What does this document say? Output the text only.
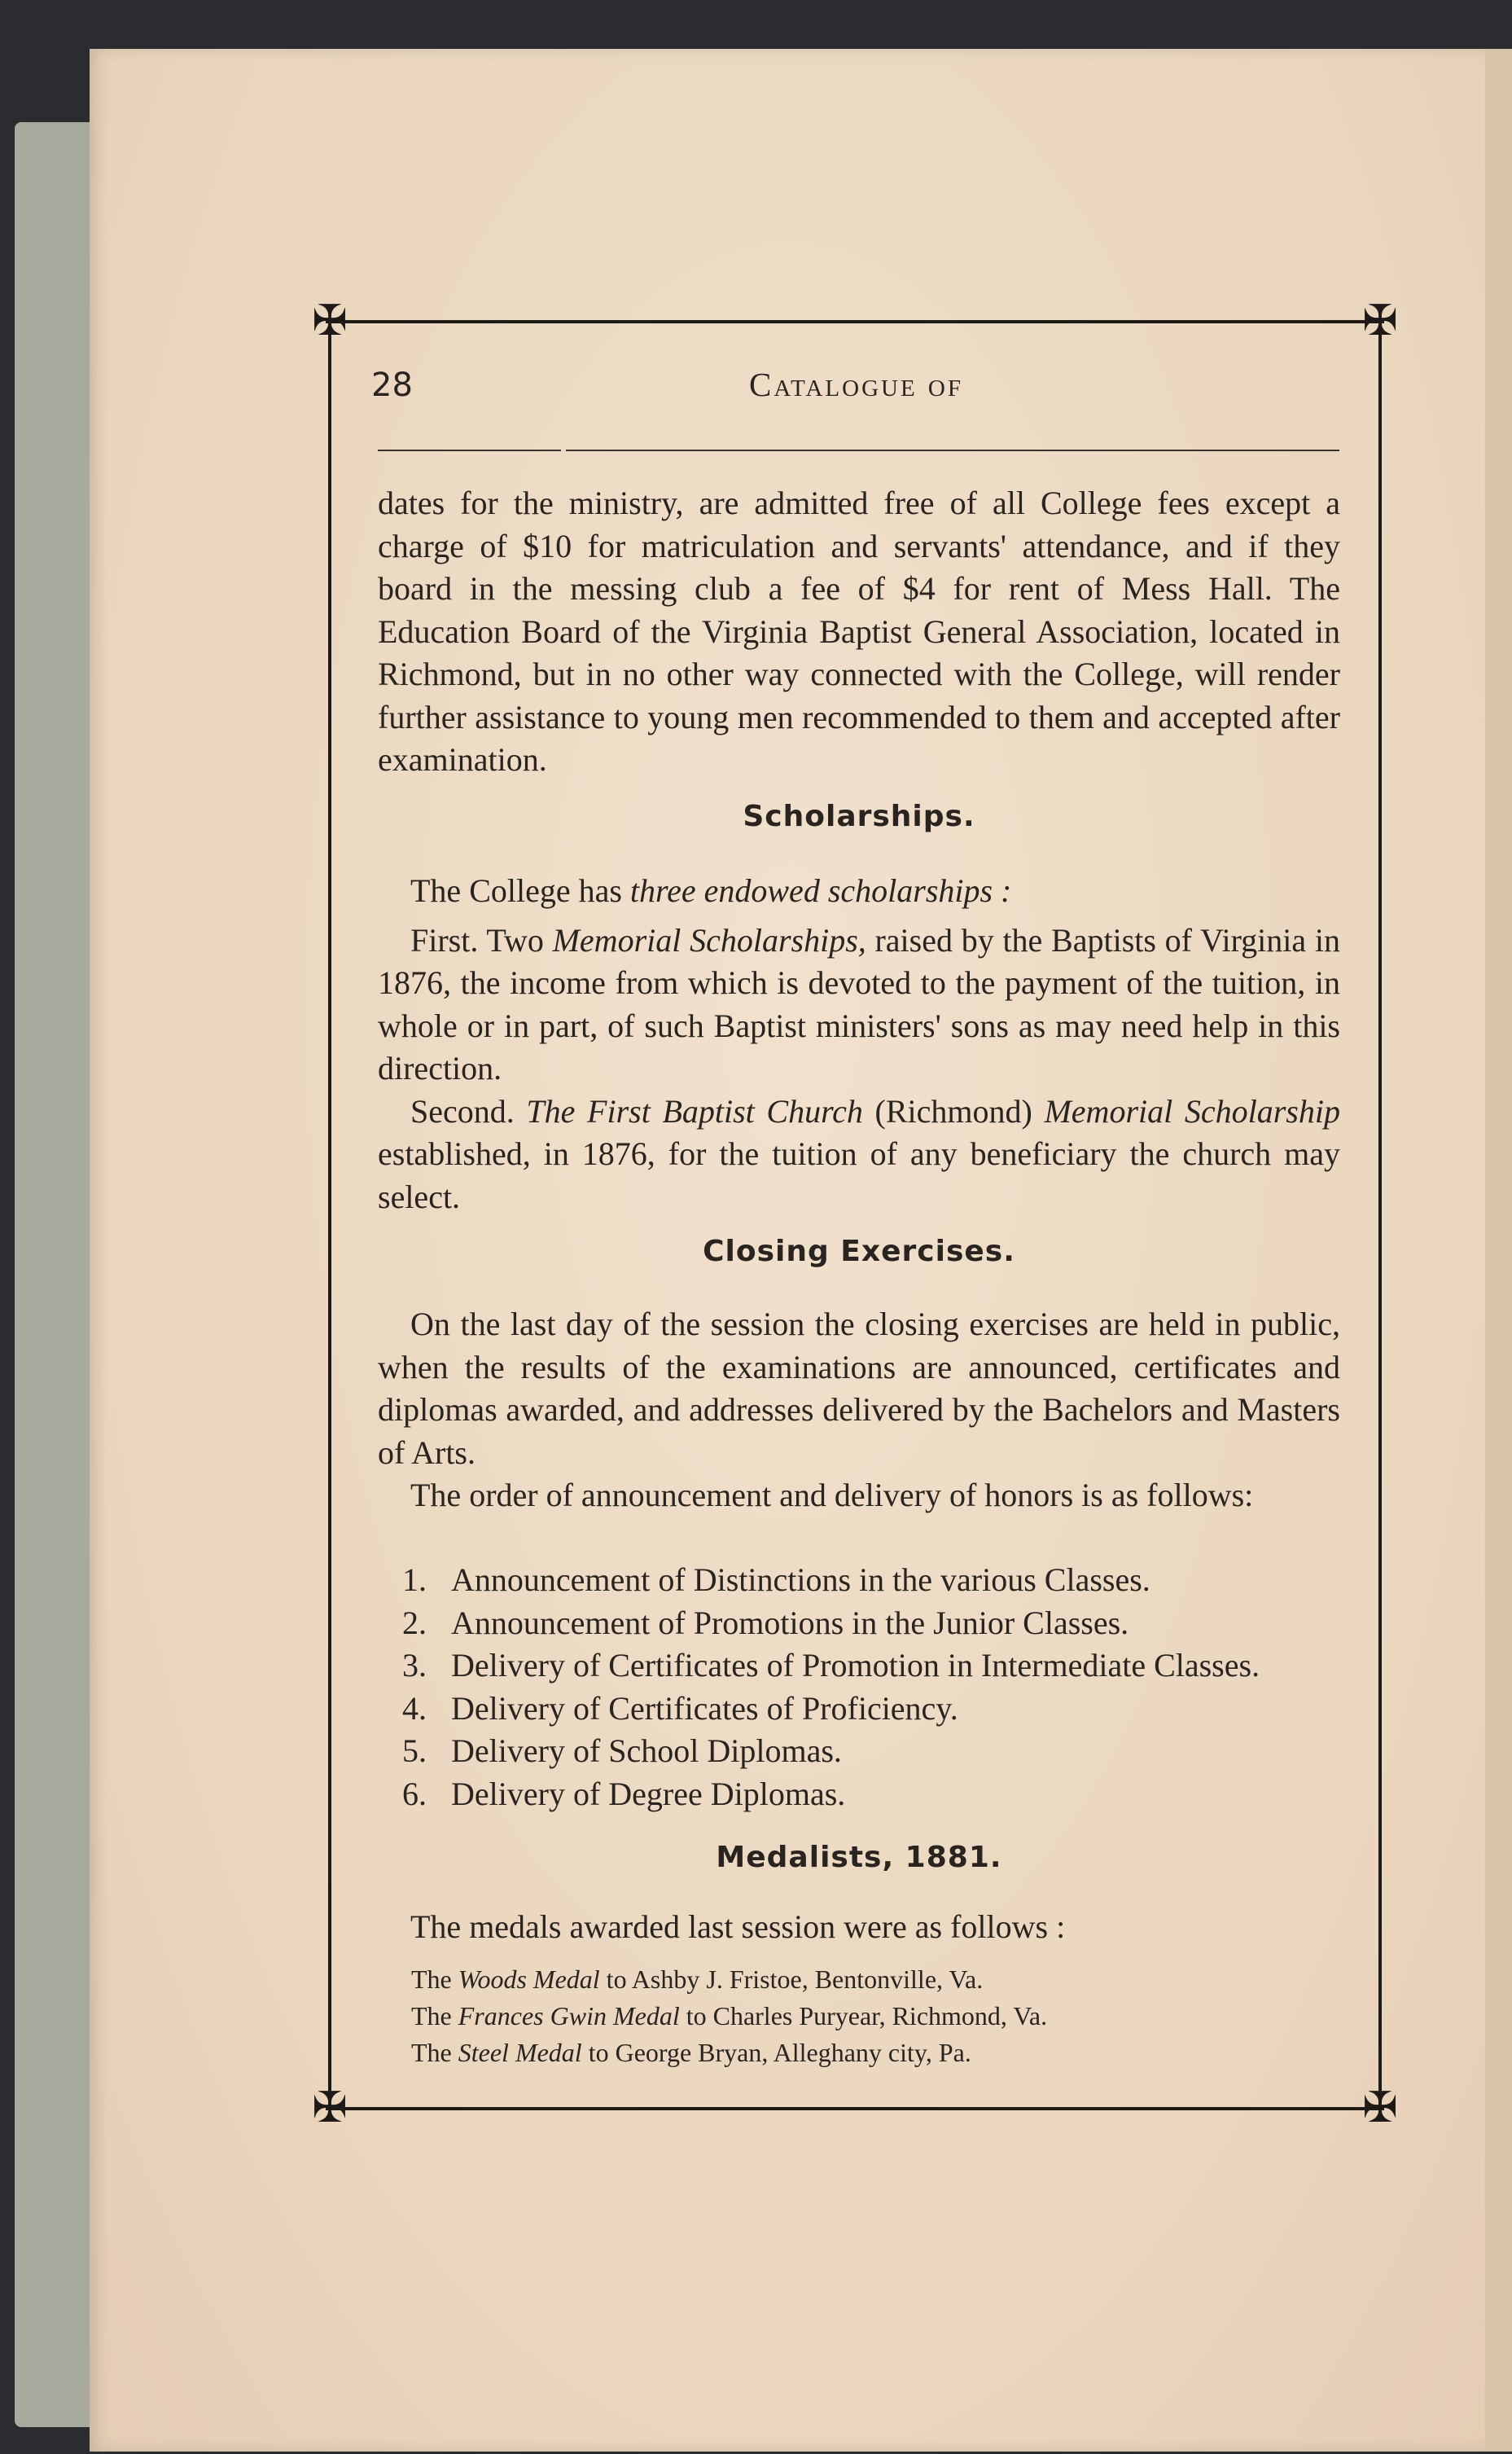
✠	✠
✠	✠
28	Catalogue of

dates for the ministry, are admitted free of all College fees except a charge of $10 for matriculation and servants' attendance, and if they board in the messing club a fee of $4 for rent of Mess Hall. The Education Board of the Virginia Baptist General Association, located in Richmond, but in no other way connected with the College, will render further assistance to young men recommended to them and accepted after examination.

Scholarships.

The College has three endowed scholarships :

First. Two Memorial Scholarships, raised by the Baptists of Virginia in 1876, the income from which is devoted to the payment of the tuition, in whole or in part, of such Baptist ministers' sons as may need help in this direction.

Second. The First Baptist Church (Richmond) Memorial Scholarship established, in 1876, for the tuition of any beneficiary the church may select.

Closing Exercises.

On the last day of the session the closing exercises are held in public, when the results of the examinations are announced, certificates and diplomas awarded, and addresses delivered by the Bachelors and Masters of Arts.

The order of announcement and delivery of honors is as follows:

1. Announcement of Distinctions in the various Classes.
2. Announcement of Promotions in the Junior Classes.
3. Delivery of Certificates of Promotion in Intermediate Classes.
4. Delivery of Certificates of Proficiency.
5. Delivery of School Diplomas.
6. Delivery of Degree Diplomas.
Medalists, 1881.

The medals awarded last session were as follows :

The Woods Medal to Ashby J. Fristoe, Bentonville, Va.
The Frances Gwin Medal to Charles Puryear, Richmond, Va.
The Steel Medal to George Bryan, Alleghany city, Pa.
